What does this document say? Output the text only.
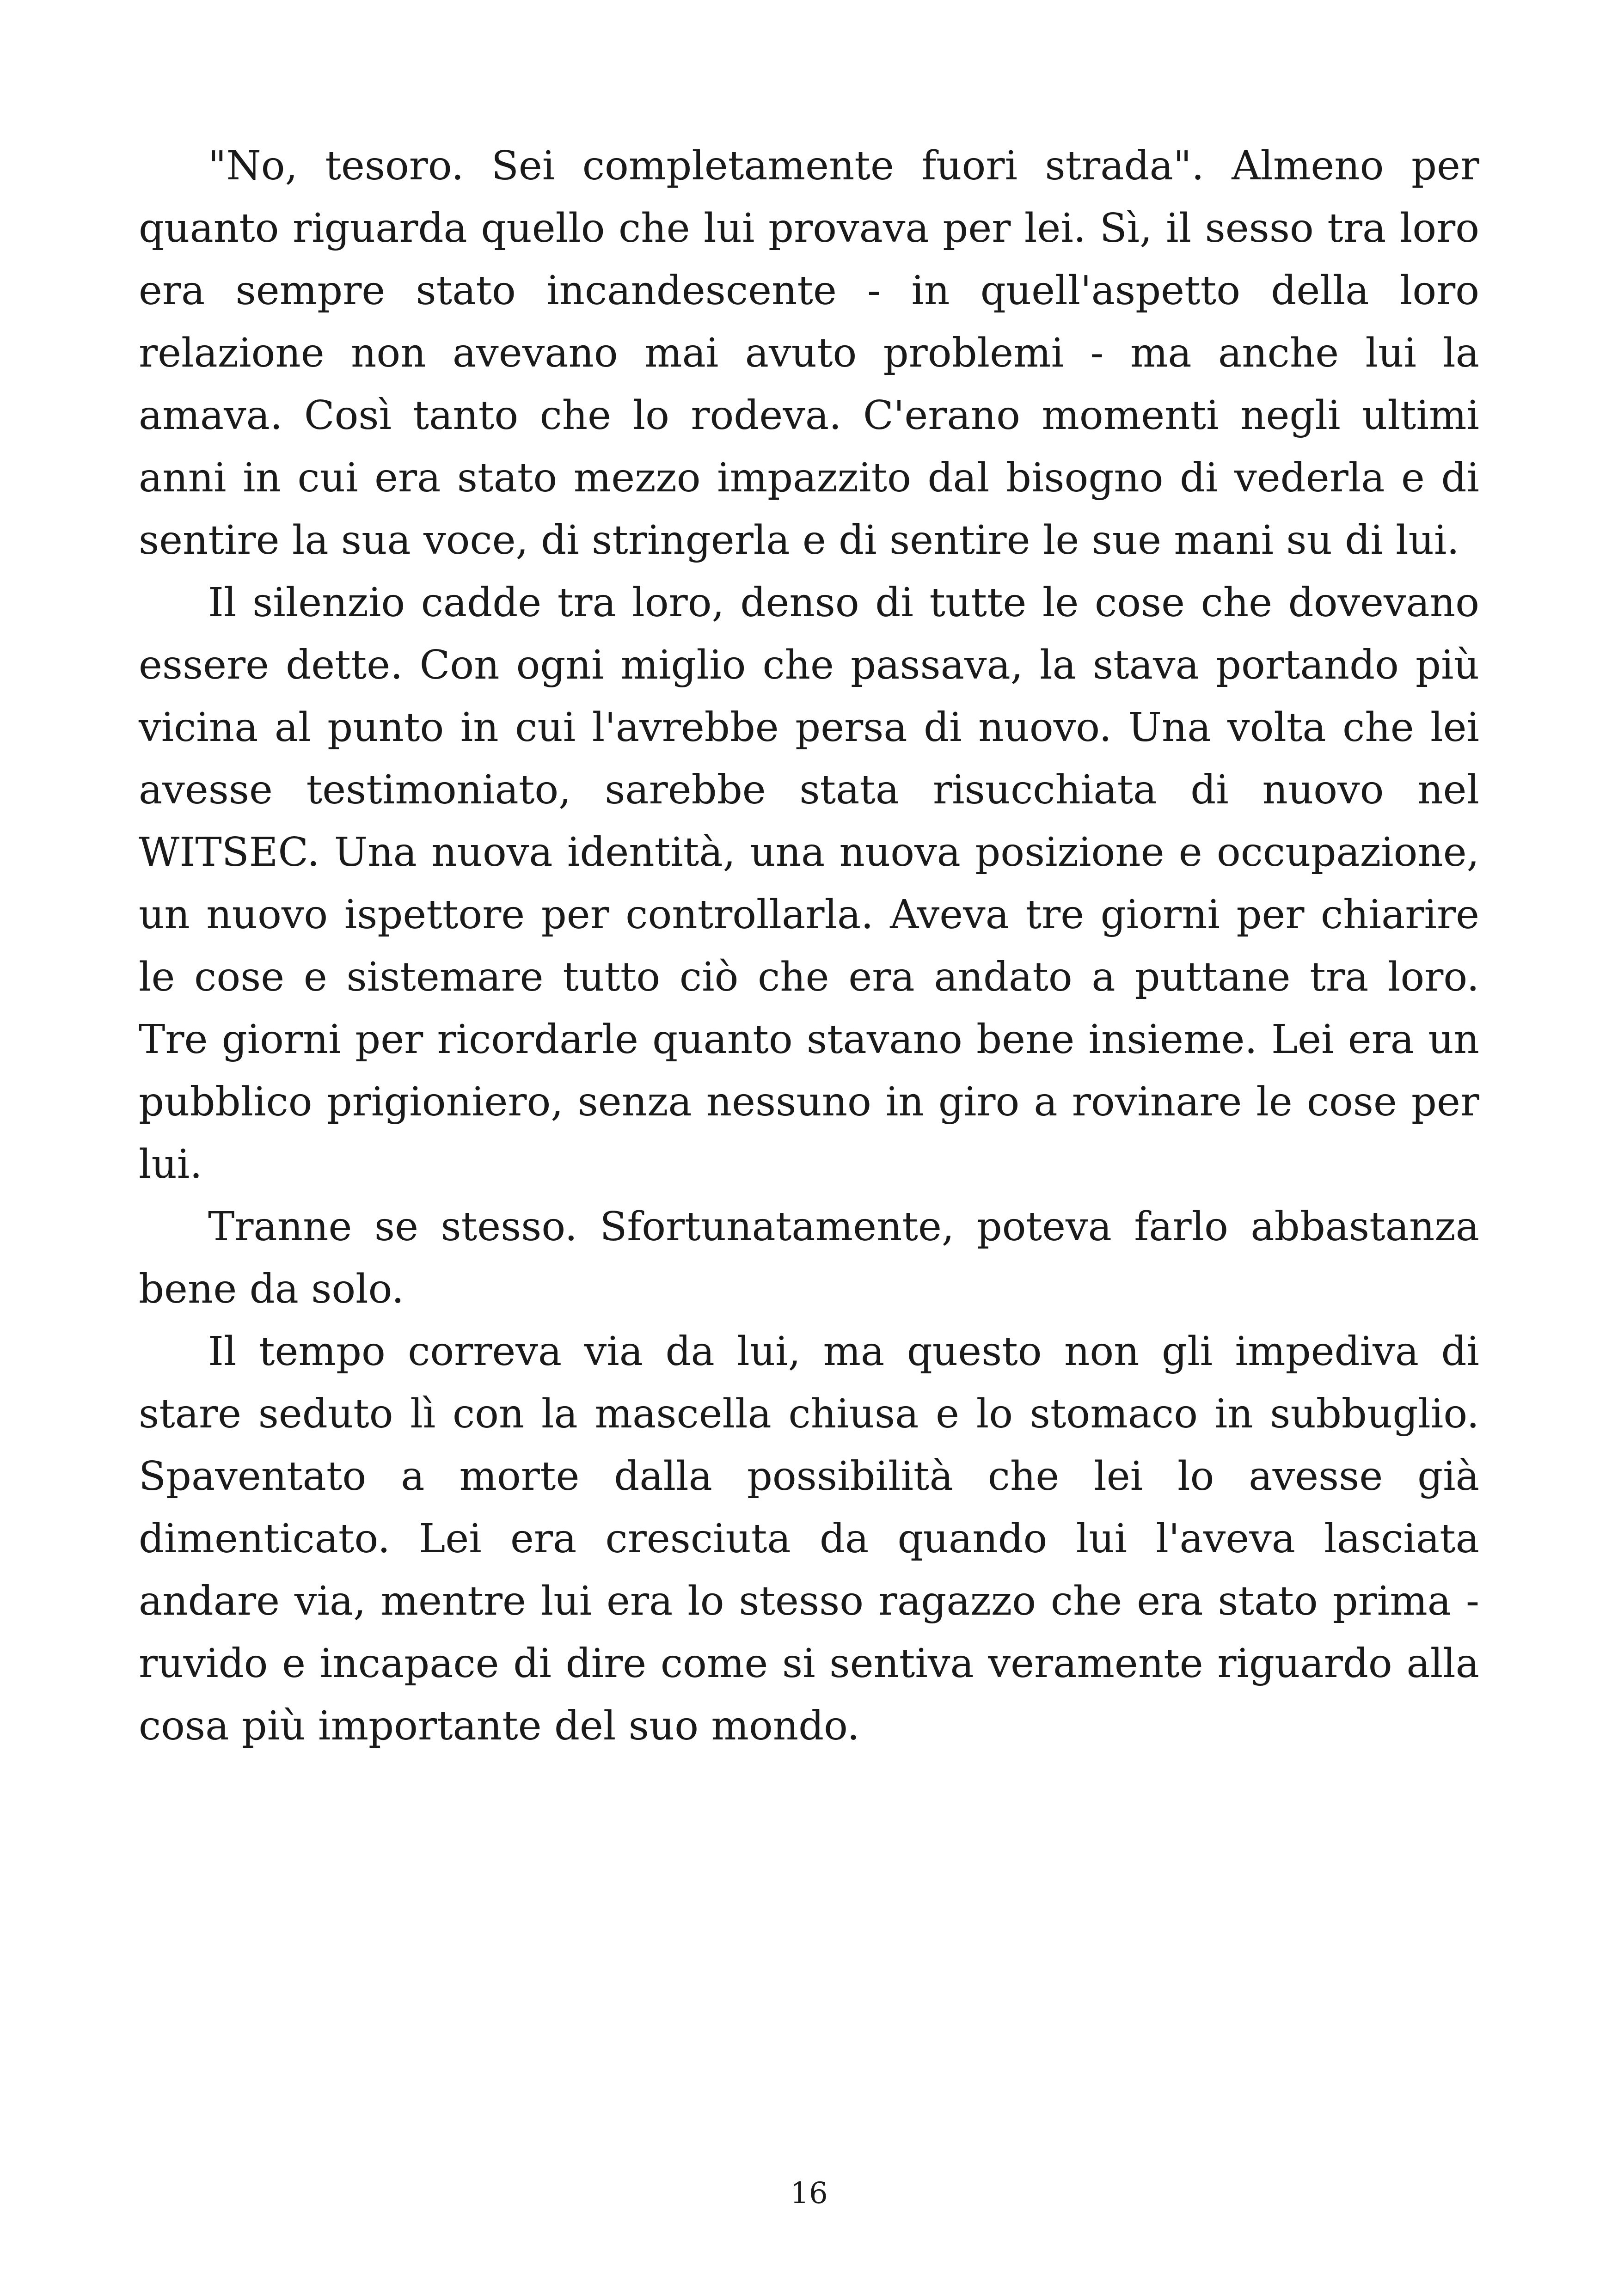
"No, tesoro. Sei completamente fuori strada". Almeno per quanto riguarda quello che lui provava per lei. Sì, il sesso tra loro era sempre stato incandescente - in quell'aspetto della loro relazione non avevano mai avuto problemi - ma anche lui la amava. Così tanto che lo rodeva. C'erano momenti negli ultimi anni in cui era stato mezzo impazzito dal bisogno di vederla e di sentire la sua voce, di stringerla e di sentire le sue mani su di lui.

Il silenzio cadde tra loro, denso di tutte le cose che dovevano essere dette. Con ogni miglio che passava, la stava portando più vicina al punto in cui l'avrebbe persa di nuovo. Una volta che lei avesse testimoniato, sarebbe stata risucchiata di nuovo nel WITSEC. Una nuova identità, una nuova posizione e occupazione, un nuovo ispettore per controllarla. Aveva tre giorni per chiarire le cose e sistemare tutto ciò che era andato a puttane tra loro. Tre giorni per ricordarle quanto stavano bene insieme. Lei era un pubblico prigioniero, senza nessuno in giro a rovinare le cose per lui.

Tranne se stesso. Sfortunatamente, poteva farlo abbastanza bene da solo.

Il tempo correva via da lui, ma questo non gli impediva di stare seduto lì con la mascella chiusa e lo stomaco in subbuglio. Spaventato a morte dalla possibilità che lei lo avesse già dimenticato. Lei era cresciuta da quando lui l'aveva lasciata andare via, mentre lui era lo stesso ragazzo che era stato prima - ruvido e incapace di dire come si sentiva veramente riguardo alla cosa più importante del suo mondo.

16
